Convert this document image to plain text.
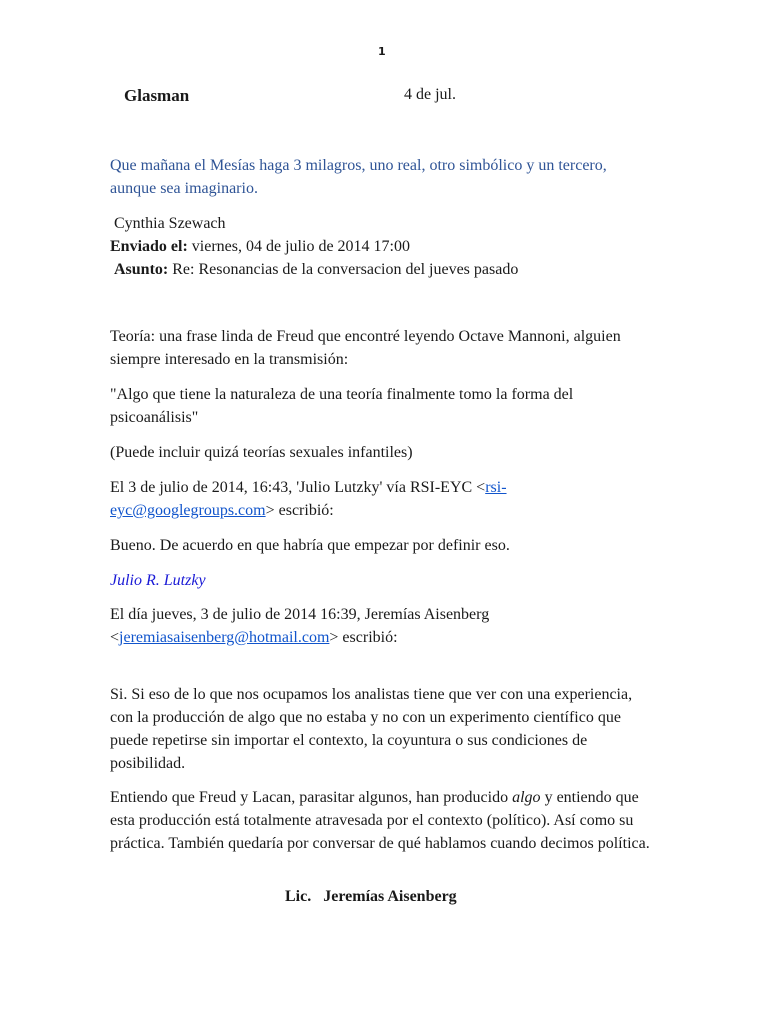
1
Glasman	4 de jul.
Que mañana el Mesías haga 3 milagros, uno real, otro simbólico y un tercero, aunque sea imaginario.
Cynthia Szewach
Enviado el: viernes, 04 de julio de 2014 17:00
Asunto: Re: Resonancias de la conversacion del jueves pasado
Teoría: una frase linda de Freud que encontré leyendo Octave Mannoni, alguien siempre interesado en la transmisión:
"Algo que tiene la naturaleza de una teoría finalmente tomo la forma del psicoanálisis"
(Puede incluir quizá teorías sexuales infantiles)
El 3 de julio de 2014, 16:43, 'Julio Lutzky' vía RSI-EYC <rsi-eyc@googlegroups.com> escribió:
Bueno. De acuerdo en que habría que empezar por definir eso.
Julio R. Lutzky
El día jueves, 3 de julio de 2014 16:39, Jeremías Aisenberg <jeremiasaisenberg@hotmail.com> escribió:
Si. Si eso de lo que nos ocupamos los analistas tiene que ver con una experiencia, con la producción de algo que no estaba y no con un experimento científico que puede repetirse sin importar el contexto, la coyuntura o sus condiciones de posibilidad.
Entiendo que Freud y Lacan, parasitar algunos, han producido algo y entiendo que esta producción está totalmente atravesada por el contexto (político). Así como su práctica. También quedaría por conversar de qué hablamos cuando decimos política.
Lic. Jeremías Aisenberg
